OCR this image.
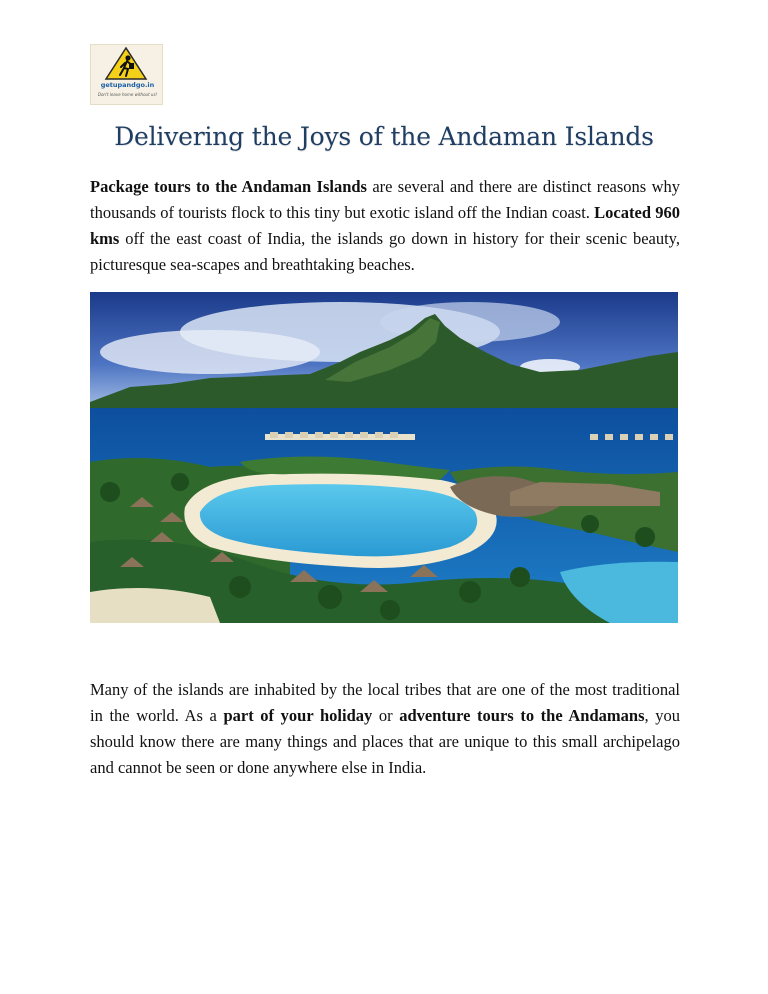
getupandgo.in
Don't leave home without us!
Delivering the Joys of the Andaman Islands

Package tours to the Andaman Islands are several and there are distinct reasons why thousands of tourists flock to this tiny but exotic island off the Indian coast. Located 960 kms off the east coast of India, the islands go down in history for their scenic beauty, picturesque sea-scapes and breathtaking beaches.

Many of the islands are inhabited by the local tribes that are one of the most traditional in the world. As a part of your holiday or adventure tours to the Andamans, you should know there are many things and places that are unique to this small archipelago and cannot be seen or done anywhere else in India.
